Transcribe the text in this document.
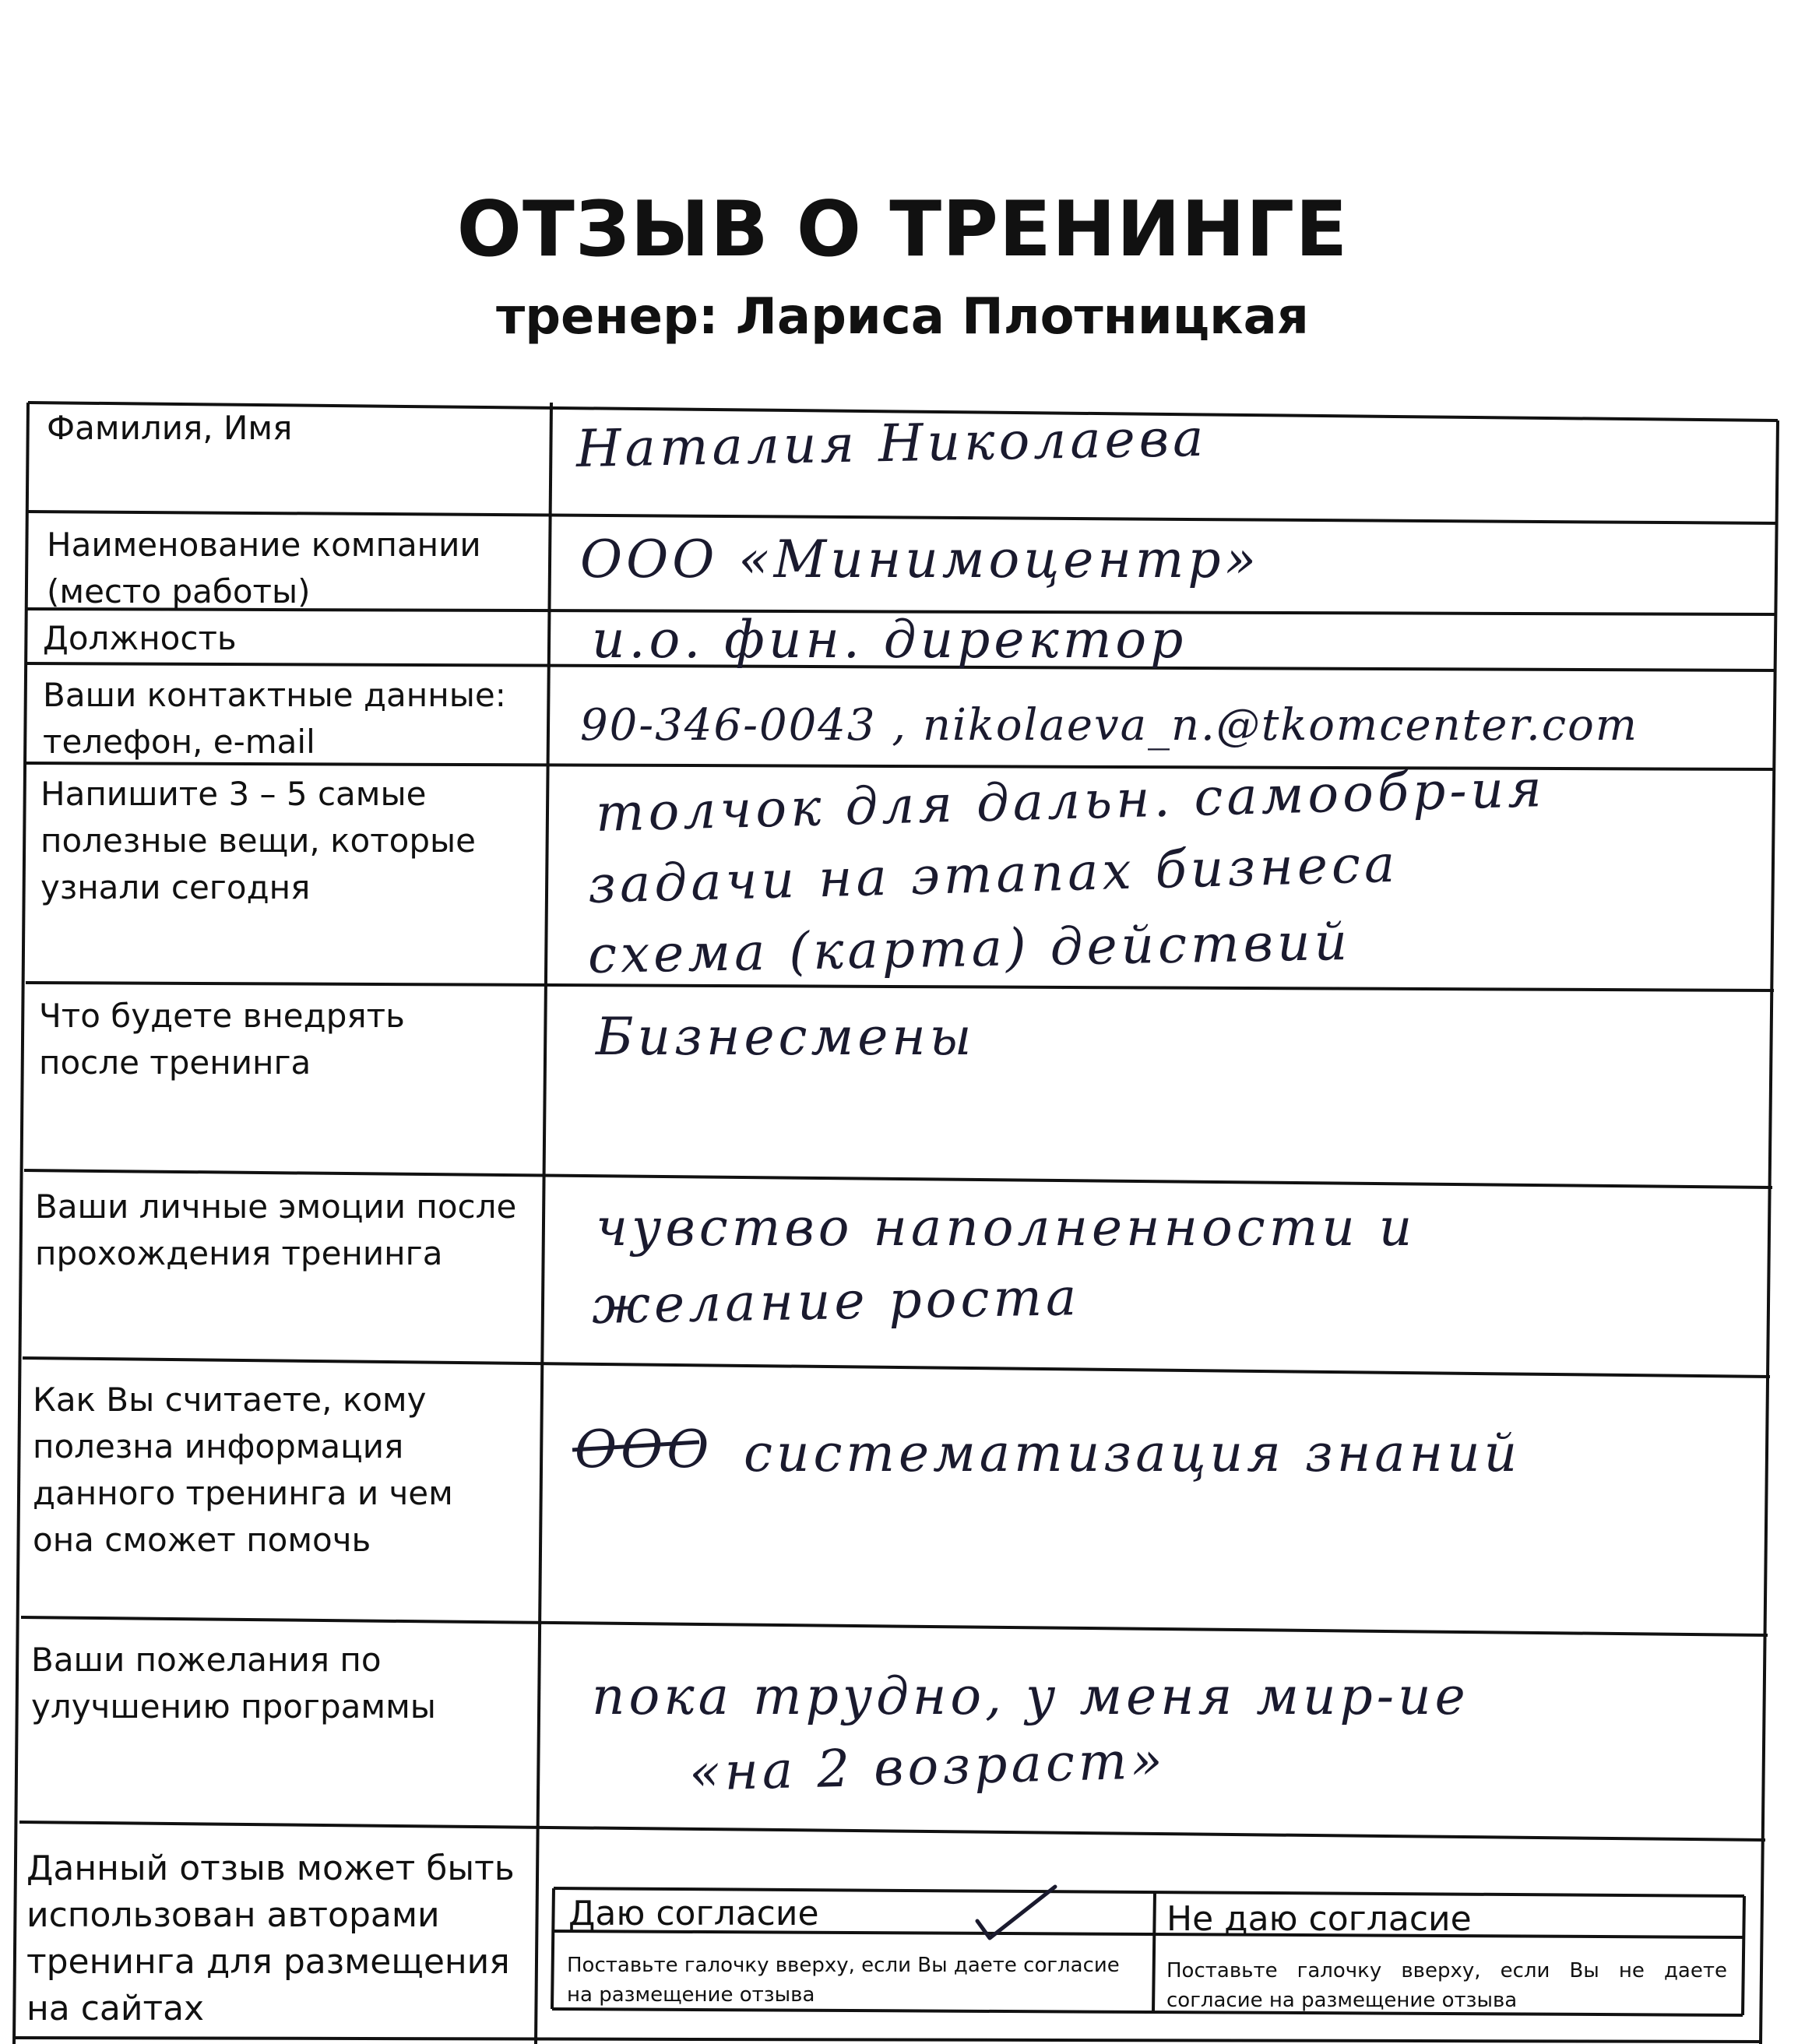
ОТЗЫВ О ТРЕНИНГЕ
тренер: Лариса Плотницкая
Фамилия, Имя
Наименование компании (место работы)
Должность
Ваши контактные данные: телефон, e-mail
Напишите 3 – 5 самые полезные вещи, которые узнали сегодня
Что будете внедрять после тренинга
Ваши личные эмоции после прохождения тренинга
Как Вы считаете, кому полезна информация данного тренинга и чем она сможет помочь
Ваши пожелания по улучшению программы
Данный отзыв может быть использован авторами тренинга для размещения на сайтах
Наталия Николаева
ООО «Минимоцентр»
и.о. фин. директор
90-346-0043 , nikolaeva_n.@tkomcenter.com
толчок для дальн. самообр-ия
задачи на этапах бизнеса
схема (карта) действий
Бизнесмены
чувство наполненности и
желание роста
ООО систематизация знаний
пока трудно, у меня мир-ие
«на 2 возраст»
Даю согласие
Поставьте галочку вверху, если Вы даете согласие на размещение отзыва
Не даю согласие
Поставьте галочку вверху, если Вы не даете согласие на размещение отзыва
